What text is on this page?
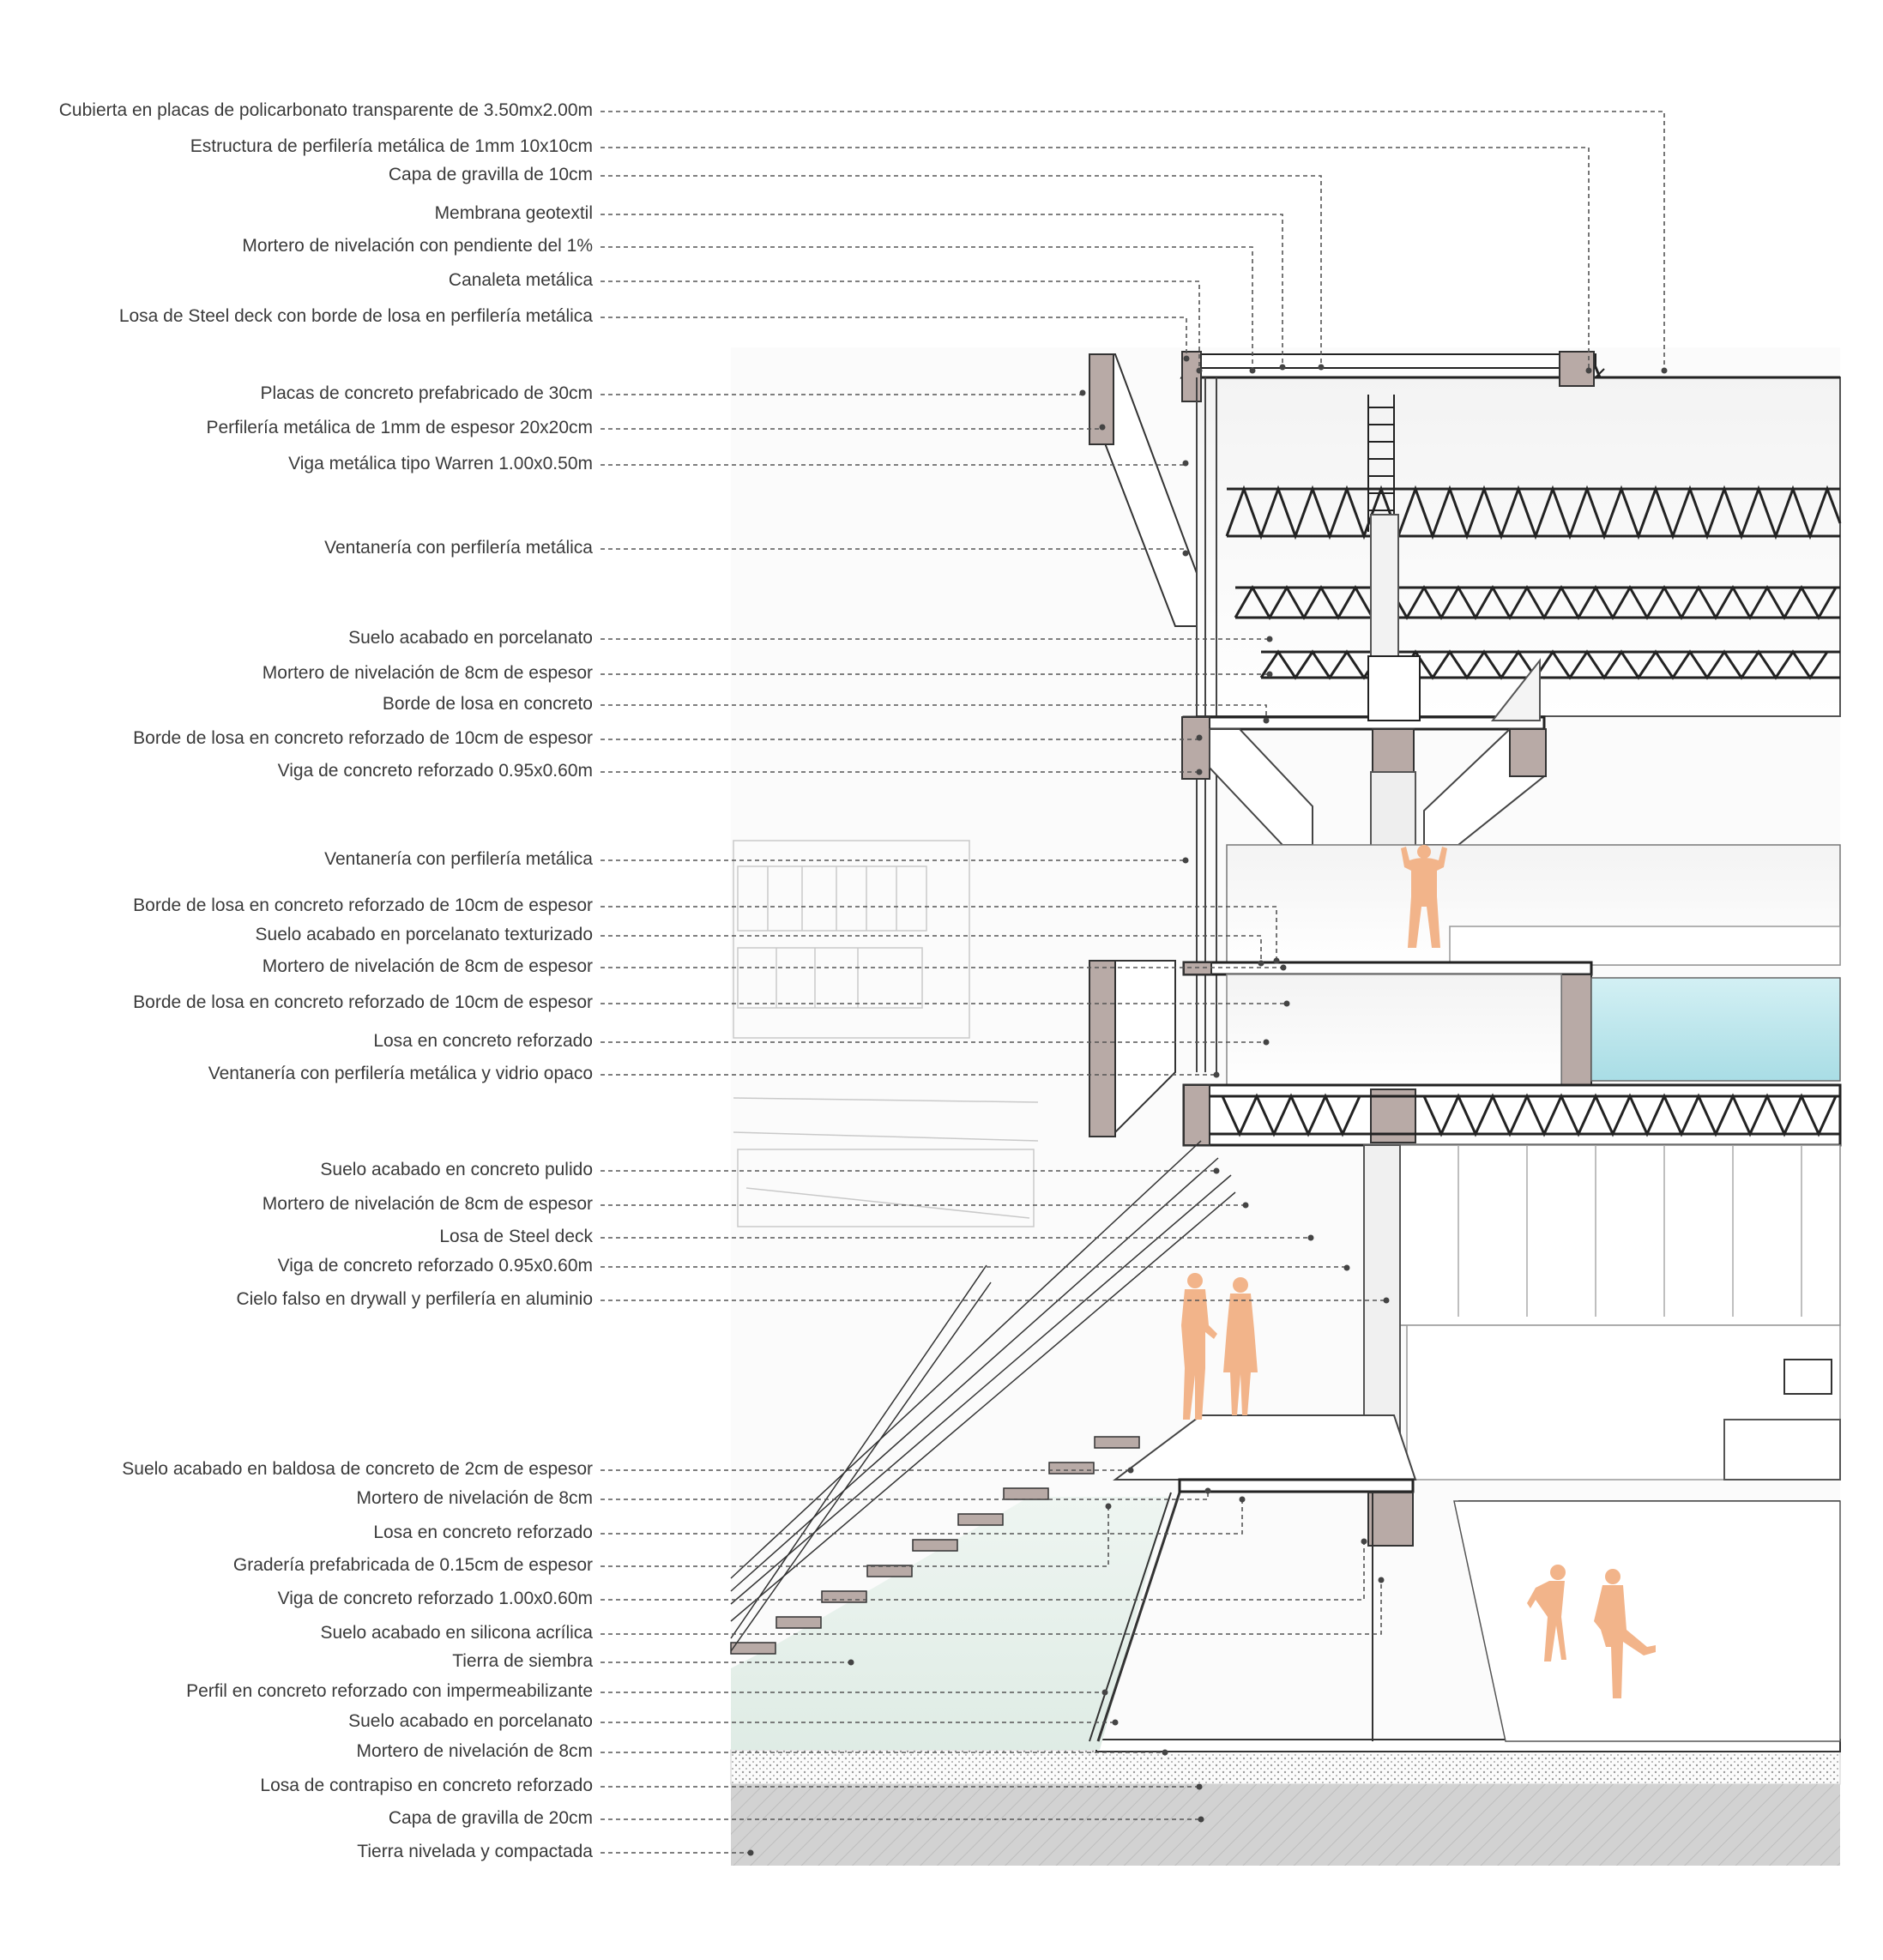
Cubierta en placas de policarbonato transparente de 3.50mx2.00m
Estructura de perfilería metálica de 1mm 10x10cm
Capa de gravilla de 10cm
Membrana geotextil
Mortero de nivelación con pendiente del 1%
Canaleta metálica
Losa de Steel deck con borde de losa en perfilería metálica
Placas de concreto prefabricado de 30cm
Perfilería metálica de 1mm de espesor 20x20cm
Viga metálica tipo Warren 1.00x0.50m
Ventanería con perfilería metálica
Suelo acabado en porcelanato
Mortero de nivelación de 8cm de espesor
Borde de losa en concreto
Borde de losa en concreto reforzado de 10cm de espesor
Viga de concreto reforzado 0.95x0.60m
Ventanería con perfilería metálica
Borde de losa en concreto reforzado de 10cm de espesor
Suelo acabado en porcelanato texturizado
Mortero de nivelación de 8cm de espesor
Borde de losa en concreto reforzado de 10cm de espesor
Losa en concreto reforzado
Ventanería con perfilería metálica y vidrio opaco
Suelo acabado en concreto pulido
Mortero de nivelación de 8cm de espesor
Losa de Steel deck
Viga de concreto reforzado 0.95x0.60m
Cielo falso en drywall y perfilería en aluminio
Suelo acabado en baldosa de concreto de 2cm de espesor
Mortero de nivelación de 8cm
Losa en concreto reforzado
Gradería prefabricada de 0.15cm de espesor
Viga de concreto reforzado 1.00x0.60m
Suelo acabado en silicona acrílica
Tierra de siembra
Perfil en concreto reforzado con impermeabilizante
Suelo acabado en porcelanato
Mortero de nivelación de 8cm
Losa de contrapiso en concreto reforzado
Capa de gravilla de 20cm
Tierra nivelada y compactada
